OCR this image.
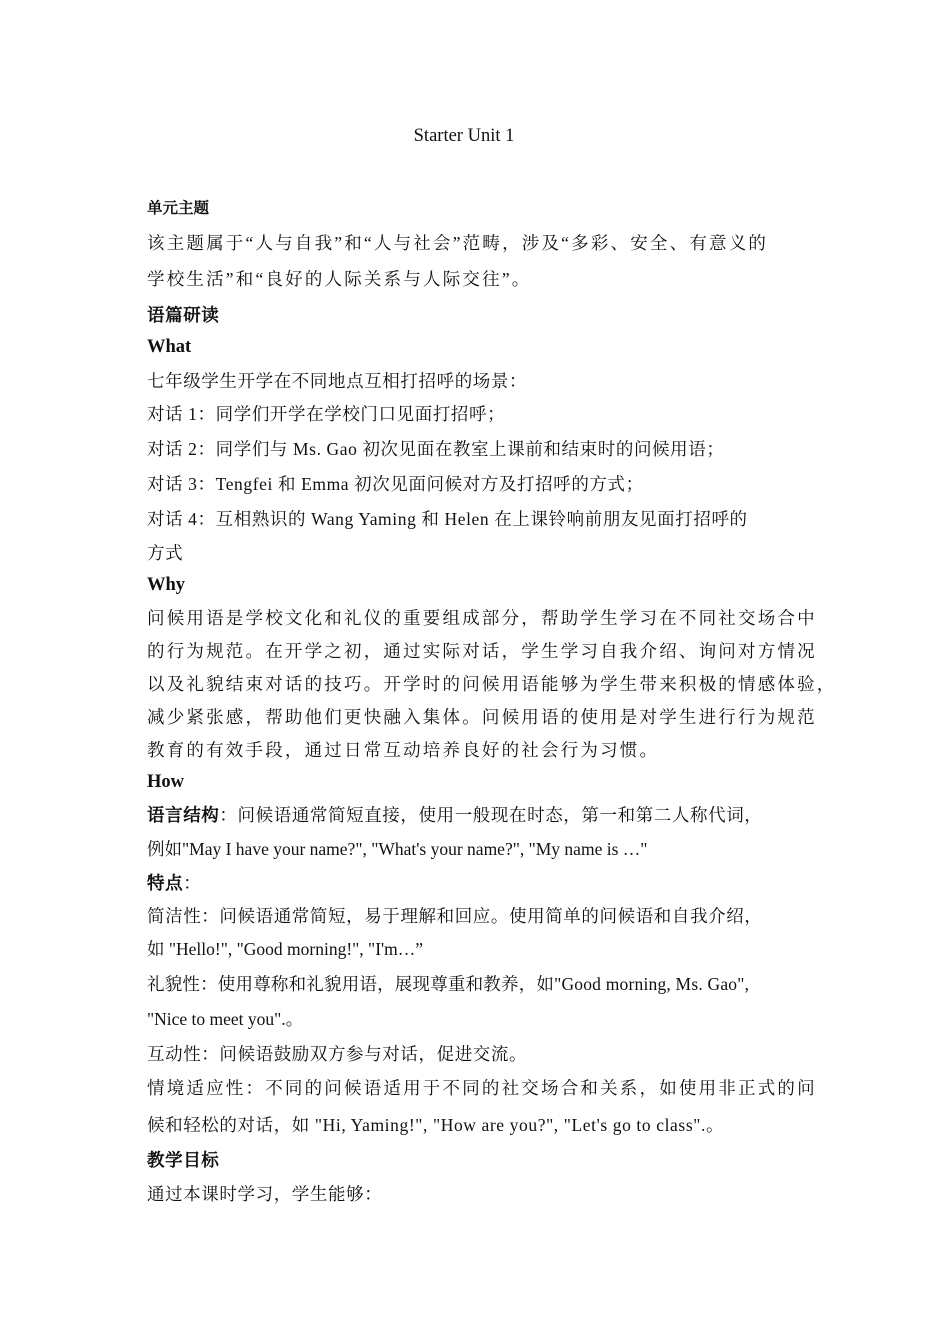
Starter Unit 1

单元主题

该主题属于“人与自我”和“人与社会”范畴，涉及“多彩、安全、有意义的

学校生活”和“良好的人际关系与人际交往”。

语篇研读

What

七年级学生开学在不同地点互相打招呼的场景：

对话 1：同学们开学在学校门口见面打招呼；

对话 2：同学们与 Ms. Gao 初次见面在教室上课前和结束时的问候用语；

对话 3：Tengfei 和 Emma 初次见面问候对方及打招呼的方式；

对话 4：互相熟识的 Wang Yaming 和 Helen 在上课铃响前朋友见面打招呼的

方式

Why

问候用语是学校文化和礼仪的重要组成部分，帮助学生学习在不同社交场合中

的行为规范。在开学之初，通过实际对话，学生学习自我介绍、询问对方情况

以及礼貌结束对话的技巧。开学时的问候用语能够为学生带来积极的情感体验，

减少紧张感，帮助他们更快融入集体。问候用语的使用是对学生进行行为规范

教育的有效手段，通过日常互动培养良好的社会行为习惯。

How

语言结构：问候语通常简短直接，使用一般现在时态，第一和第二人称代词，

例如"May I have your name?", "What's your name?", "My name is …"

特点：

简洁性：问候语通常简短，易于理解和回应。使用简单的问候语和自我介绍，

如 "Hello!", "Good morning!", "I'm…”

礼貌性：使用尊称和礼貌用语，展现尊重和教养，如"Good morning, Ms. Gao",

"Nice to meet you".。

互动性：问候语鼓励双方参与对话，促进交流。

情境适应性：不同的问候语适用于不同的社交场合和关系，如使用非正式的问

候和轻松的对话，如 "Hi, Yaming!", "How are you?", "Let's go to class".。

教学目标

通过本课时学习，学生能够：
